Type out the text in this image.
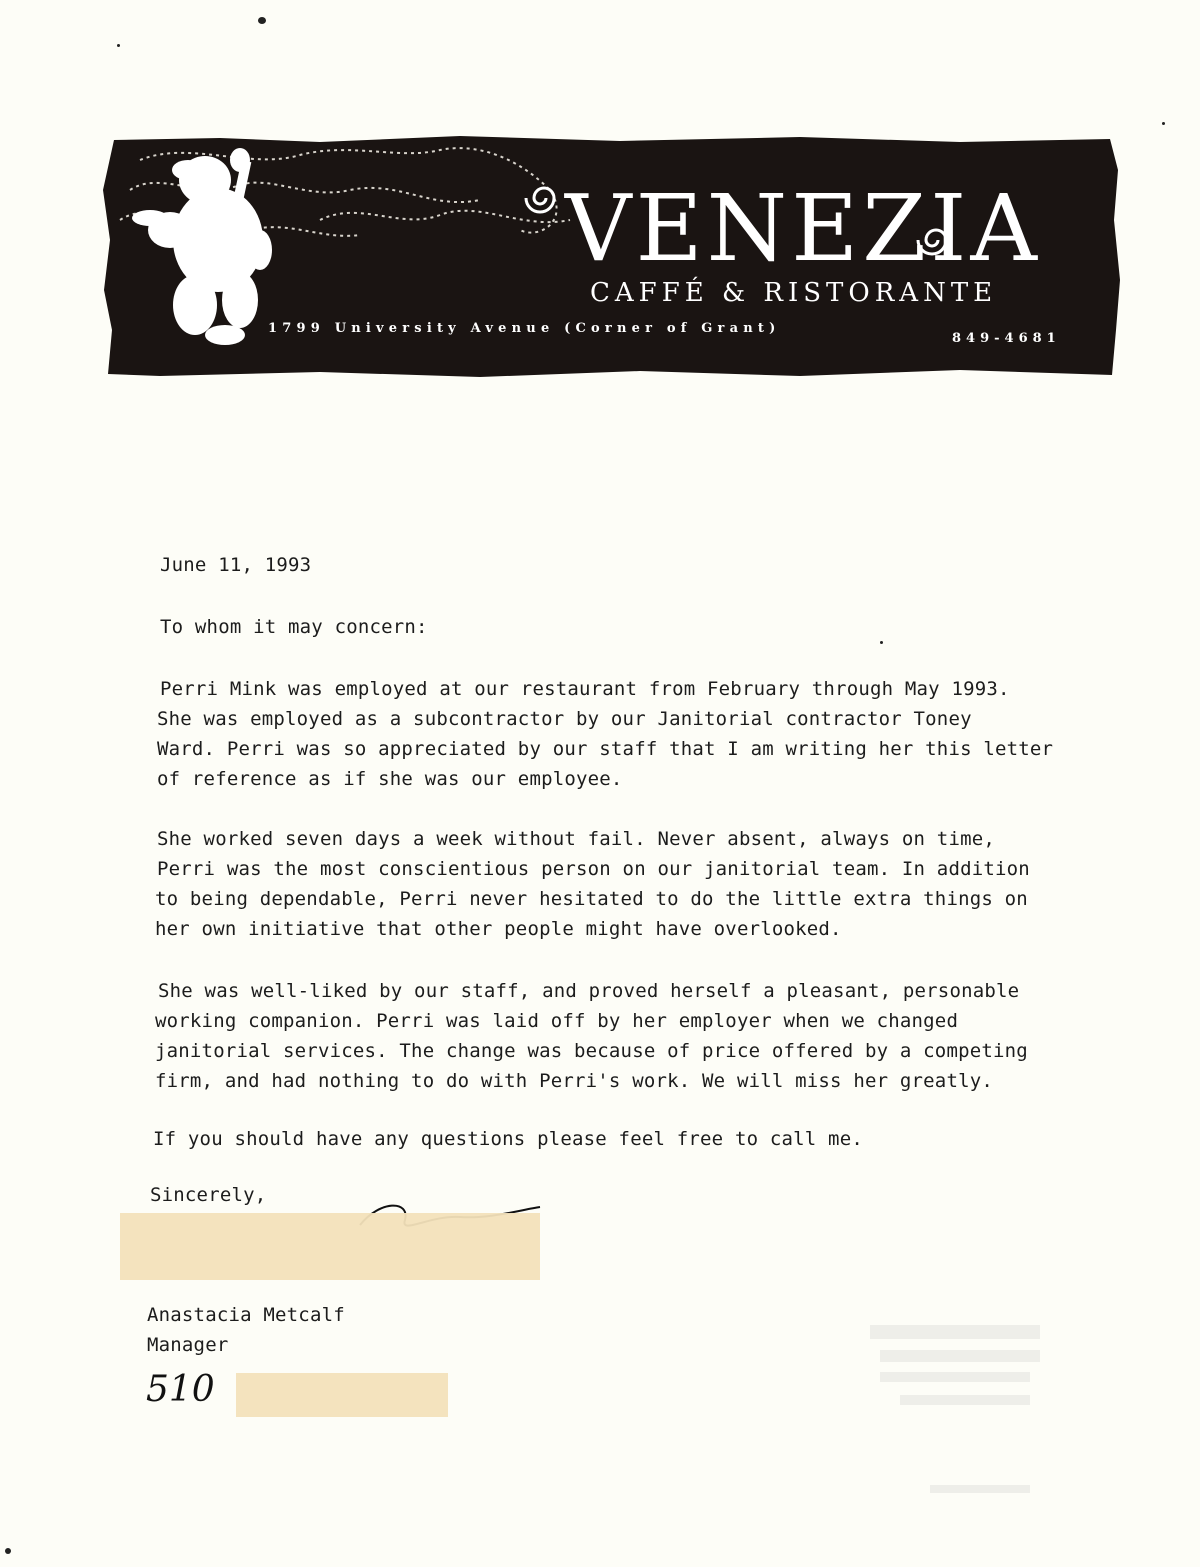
VENEZIA
CAFFÉ & RISTORANTE
1799 University Avenue (Corner of Grant)
849-4681
June 11, 1993
To whom it may concern:
Perri Mink was employed at our restaurant from February through May 1993.
She was employed as a subcontractor by our Janitorial contractor Toney
Ward. Perri was so appreciated by our staff that I am writing her this letter
of reference as if she was our employee.
She worked seven days a week without fail. Never absent, always on time,
Perri was the most conscientious person on our janitorial team. In addition
to being dependable, Perri never hesitated to do the little extra things on
her own initiative that other people might have overlooked.
She was well-liked by our staff, and proved herself a pleasant, personable
working companion. Perri was laid off by her employer when we changed
janitorial services. The change was because of price offered by a competing
firm, and had nothing to do with Perri's work. We will miss her greatly.
If you should have any questions please feel free to call me.
Sincerely,
Anastacia Metcalf
Manager
510
